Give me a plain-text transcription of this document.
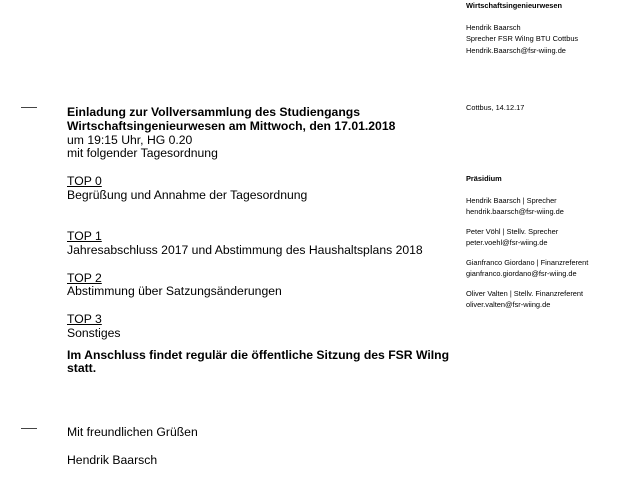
Wirtschaftsingenieurwesen
Hendrik Baarsch
Sprecher FSR WiIng BTU Cottbus
Hendrik.Baarsch@fsr-wiing.de
Cottbus, 14.12.17
Präsidium
Hendrik Baarsch | Sprecher
hendrik.baarsch@fsr-wiing.de
Peter Vöhl | Stellv. Sprecher
peter.voehl@fsr-wiing.de
Gianfranco Giordano | Finanzreferent
gianfranco.giordano@fsr-wiing.de
Oliver Valten | Stellv. Finanzreferent
oliver.valten@fsr-wiing.de
Einladung zur Vollversammlung des Studiengangs
Wirtschaftsingenieurwesen am Mittwoch, den 17.01.2018
um 19:15 Uhr, HG 0.20
mit folgender Tagesordnung
TOP 0
Begrüßung und Annahme der Tagesordnung
TOP 1
Jahresabschluss 2017 und Abstimmung des Haushaltsplans 2018
TOP 2
Abstimmung über Satzungsänderungen
TOP 3
Sonstiges
Im Anschluss findet regulär die öffentliche Sitzung des FSR WiIng
statt.
Mit freundlichen Grüßen
Hendrik Baarsch
